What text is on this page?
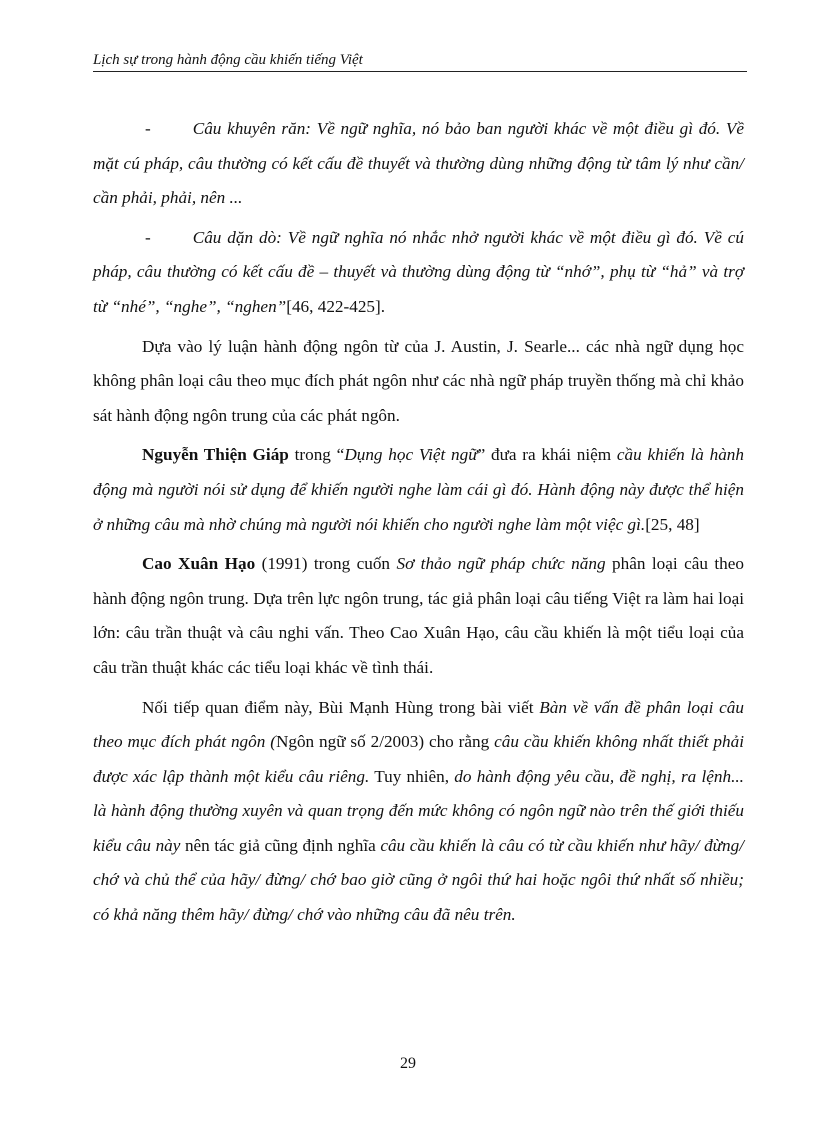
Lịch sự trong hành động cầu khiến tiếng Việt

- Câu khuyên răn: Về ngữ nghĩa, nó bảo ban người khác về một điều gì đó. Về mặt cú pháp, câu thường có kết cấu đề thuyết và thường dùng những động từ tâm lý như cần/ cần phải, phải, nên ...

- Câu dặn dò: Về ngữ nghĩa nó nhắc nhở người khác về một điều gì đó. Về cú pháp, câu thường có kết cấu đề – thuyết và thường dùng động từ “nhớ”, phụ từ “hả” và trợ từ “nhé”, “nghe”, “nghen”[46, 422-425].

Dựa vào lý luận hành động ngôn từ của J. Austin, J. Searle... các nhà ngữ dụng học không phân loại câu theo mục đích phát ngôn như các nhà ngữ pháp truyền thống mà chỉ khảo sát hành động ngôn trung của các phát ngôn.

Nguyễn Thiện Giáp trong “Dụng học Việt ngữ” đưa ra khái niệm cầu khiến là hành động mà người nói sử dụng để khiến người nghe làm cái gì đó. Hành động này được thể hiện ở những câu mà nhờ chúng mà người nói khiến cho người nghe làm một việc gì.[25, 48]

Cao Xuân Hạo (1991) trong cuốn Sơ thảo ngữ pháp chức năng phân loại câu theo hành động ngôn trung. Dựa trên lực ngôn trung, tác giả phân loại câu tiếng Việt ra làm hai loại lớn: câu trần thuật và câu nghi vấn. Theo Cao Xuân Hạo, câu cầu khiến là một tiểu loại của câu trần thuật khác các tiểu loại khác về tình thái.

Nối tiếp quan điểm này, Bùi Mạnh Hùng trong bài viết Bàn về vấn đề phân loại câu theo mục đích phát ngôn (Ngôn ngữ số 2/2003) cho rằng câu cầu khiến không nhất thiết phải được xác lập thành một kiểu câu riêng. Tuy nhiên, do hành động yêu cầu, đề nghị, ra lệnh... là hành động thường xuyên và quan trọng đến mức không có ngôn ngữ nào trên thế giới thiếu kiểu câu này nên tác giả cũng định nghĩa câu cầu khiến là câu có từ cầu khiến như hãy/ đừng/ chớ và chủ thể của hãy/ đừng/ chớ bao giờ cũng ở ngôi thứ hai hoặc ngôi thứ nhất số nhiều; có khả năng thêm hãy/ đừng/ chớ vào những câu đã nêu trên.

29
